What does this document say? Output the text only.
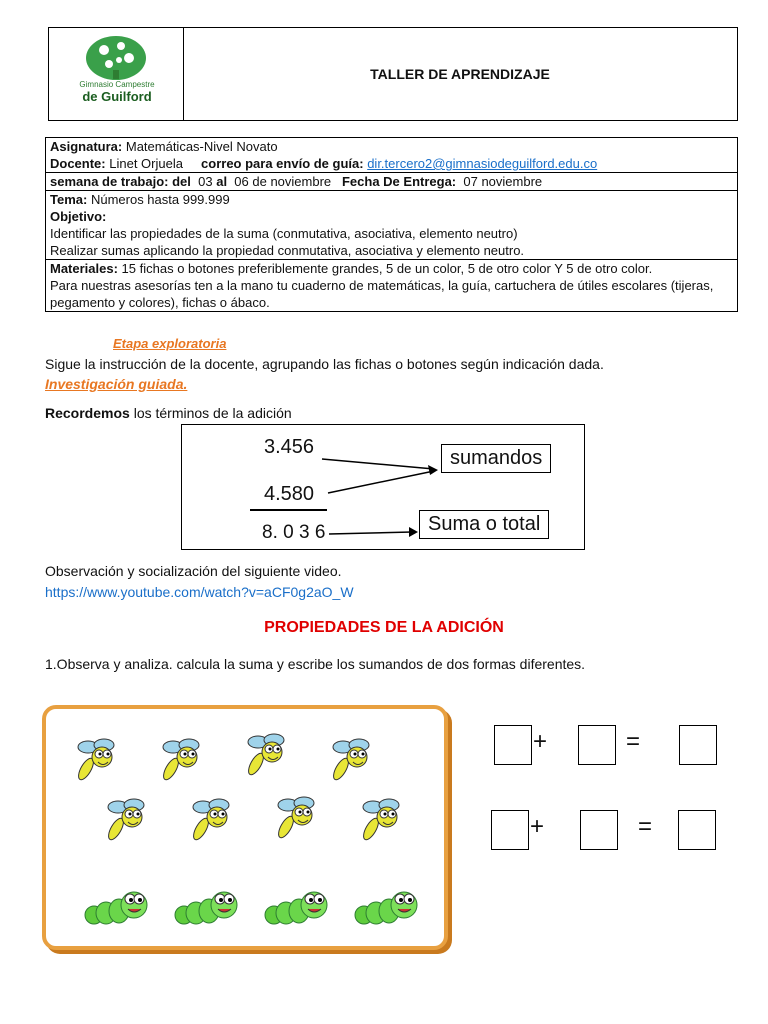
Gimnasio Campestre
de Guilford
TALLER DE APRENDIZAJE
Asignatura: Matemáticas-Nivel Novato
Docente: Linet Orjuela correo para envío de guía: dir.tercero2@gimnasiodeguilford.edu.co
semana de trabajo: del 03 al 06 de noviembre Fecha De Entrega: 07 noviembre
Tema: Números hasta 999.999
Objetivo:
Identificar las propiedades de la suma (conmutativa, asociativa, elemento neutro)
Realizar sumas aplicando la propiedad conmutativa, asociativa y elemento neutro.
Materiales: 15 fichas o botones preferiblemente grandes, 5 de un color, 5 de otro color Y 5 de otro color.
Para nuestras asesorías ten a la mano tu cuaderno de matemáticas, la guía, cartuchera de útiles escolares (tijeras, pegamento y colores), fichas o ábaco.
Etapa exploratoria
Sigue la instrucción de la docente, agrupando las fichas o botones según indicación dada.
Investigación guiada.
Recordemos los términos de la adición
3.456
4.580
8. 0 3 6
sumandos
Suma o total
Observación y socialización del siguiente video.
https://www.youtube.com/watch?v=aCF0g2aO_W
PROPIEDADES DE LA ADICIÓN
1.Observa y analiza. calcula la suma y escribe los sumandos de dos formas diferentes.
+	=
+	=
